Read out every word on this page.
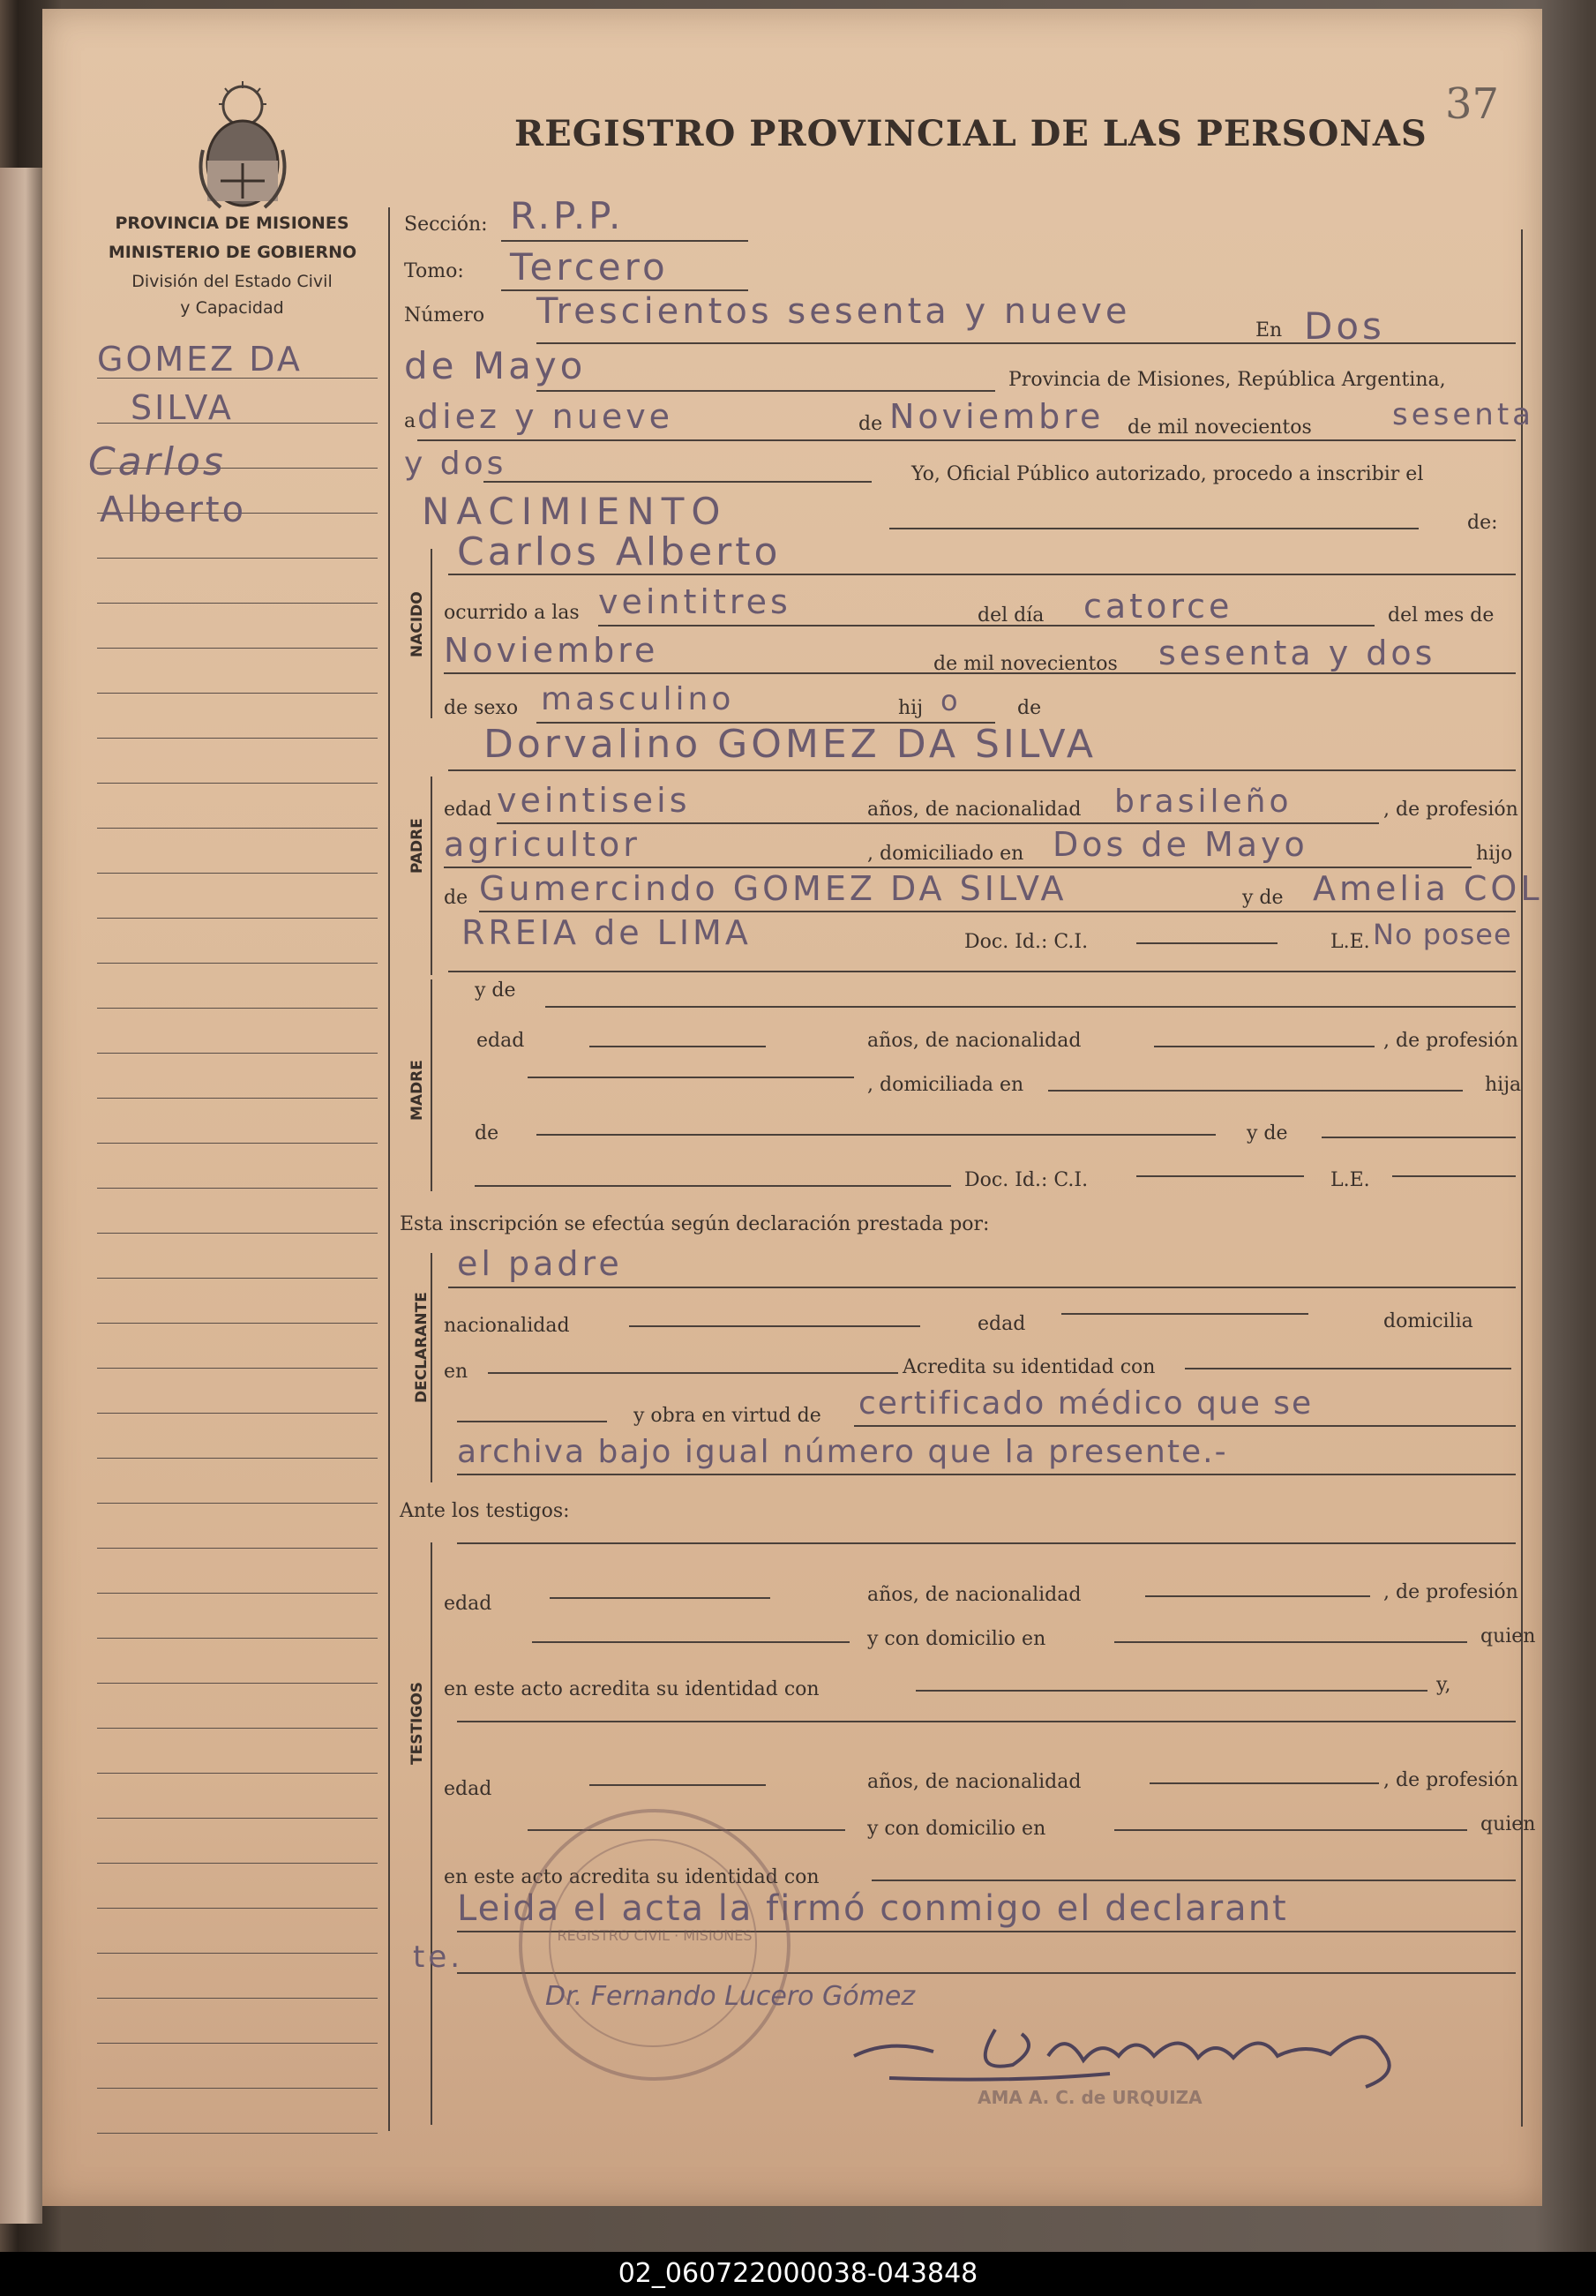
37
REGISTRO PROVINCIAL DE LAS PERSONAS
PROVINCIA DE MISIONES
MINISTERIO DE GOBIERNO
División del Estado Civil
y Capacidad
GOMEZ DA
SILVA
Carlos
Alberto
Sección: R.P.P.
Tomo: Tercero
Número Trescientos sesenta y nueve	En Dos
de Mayo	Provincia de Misiones, República Argentina,
a diez y nueve	de Noviembre de mil novecientos	sesenta
y dos	Yo, Oficial Público autorizado, procedo a inscribir el
NACIMIENTO	de:
NACIDO
Carlos Alberto
ocurrido a las veintitres	del día catorce	del mes de
Noviembre	de mil novecientos sesenta y dos
de sexo masculino	hij o	de
Dorvalino GOMEZ DA SILVA
PADRE
edad veintiseis	años, de nacionalidad brasileño	, de profesión
agricultor	, domiciliado en Dos de Mayo	hijo
de Gumercindo GOMEZ DA SILVA	y de Amelia COL
RREIA de LIMA	Doc. Id.: C.I.	L.E. No posee
y de
MADRE
edad	años, de nacionalidad	, de profesión
, domiciliada en	hija
de	y de
Doc. Id.: C.I.	L.E.
Esta inscripción se efectúa según declaración prestada por:
DECLARANTE
el padre
nacionalidad	edad	domicilia
en	Acredita su identidad con
y obra en virtud de certificado médico que se
archiva bajo igual número que la presente.-
Ante los testigos:
TESTIGOS
edad	años, de nacionalidad	, de profesión
y con domicilio en	quien
en este acto acredita su identidad con	y,
edad	años, de nacionalidad	, de profesión
y con domicilio en	quien
en este acto acredita su identidad con
Leida el acta la firmó conmigo el declarant
te.
REGISTRO CIVIL · MISIONES
Dr. Fernando Lucero Gómez
AMA A. C. de URQUIZA
02_060722000038-043848
